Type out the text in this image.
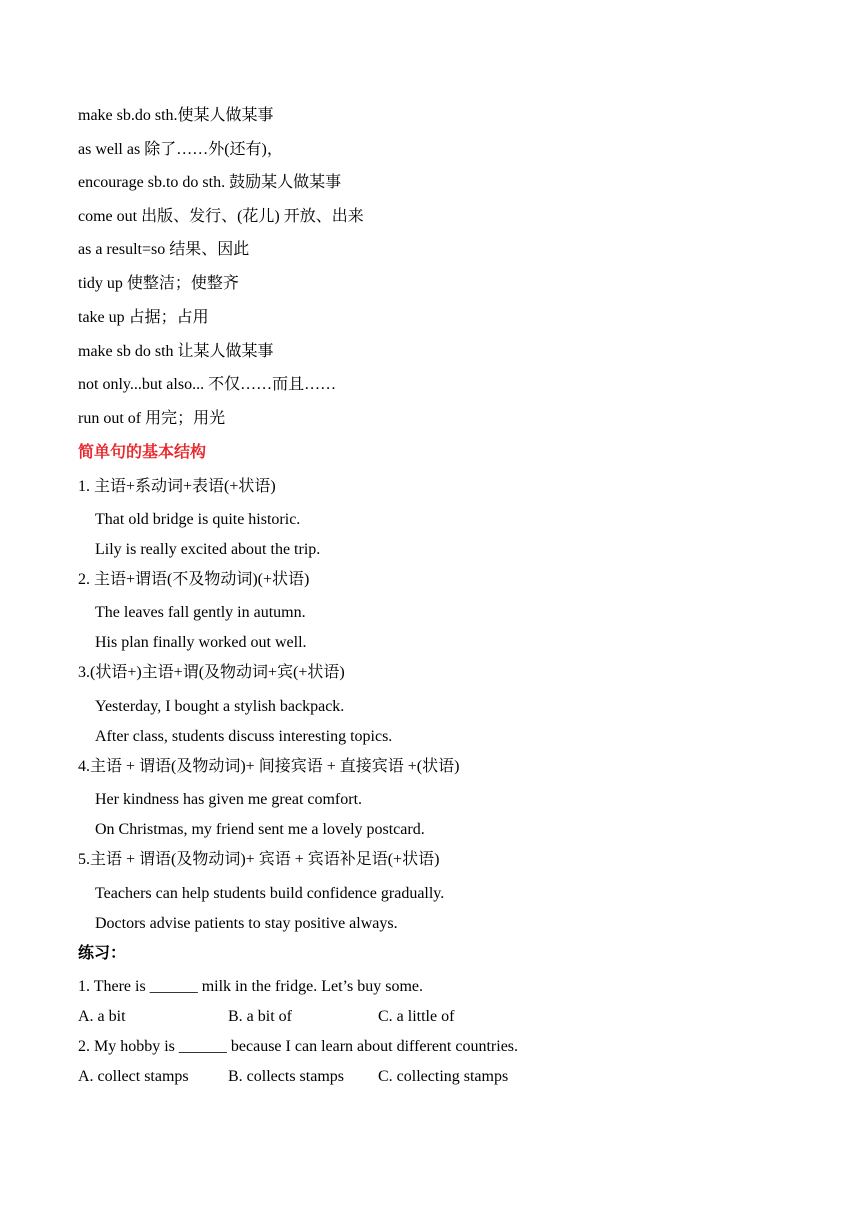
make sb.do sth.使某人做某事
as well as 除了……外(还有)，
encourage sb.to do sth. 鼓励某人做某事
come out 出版、发行、(花儿) 开放、出来
as a result=so 结果、因此
tidy up 使整洁；使整齐
take up 占据；占用
make sb do sth 让某人做某事
not only...but also... 不仅……而且……
run out of 用完；用光
简单句的基本结构
1. 主语+系动词+表语(+状语)
That old bridge is quite historic.
Lily is really excited about the trip.
2. 主语+谓语(不及物动词)(+状语)
The leaves fall gently in autumn.
His plan finally worked out well.
3.(状语+)主语+谓(及物动词+宾(+状语)
Yesterday, I bought a stylish backpack.
After class, students discuss interesting topics.
4.主语 + 谓语(及物动词)+ 间接宾语 + 直接宾语 +(状语)
Her kindness has given me great comfort.
On Christmas, my friend sent me a lovely postcard.
5.主语 + 谓语(及物动词)+ 宾语 + 宾语补足语(+状语)
Teachers can help students build confidence gradually.
Doctors advise patients to stay positive always.
练习：
1. There is ______ milk in the fridge. Let’s buy some.
A. a bit	B. a bit of	C. a little of
2. My hobby is ______ because I can learn about different countries.
A. collect stamps B. collects stamps C. collecting stamps
